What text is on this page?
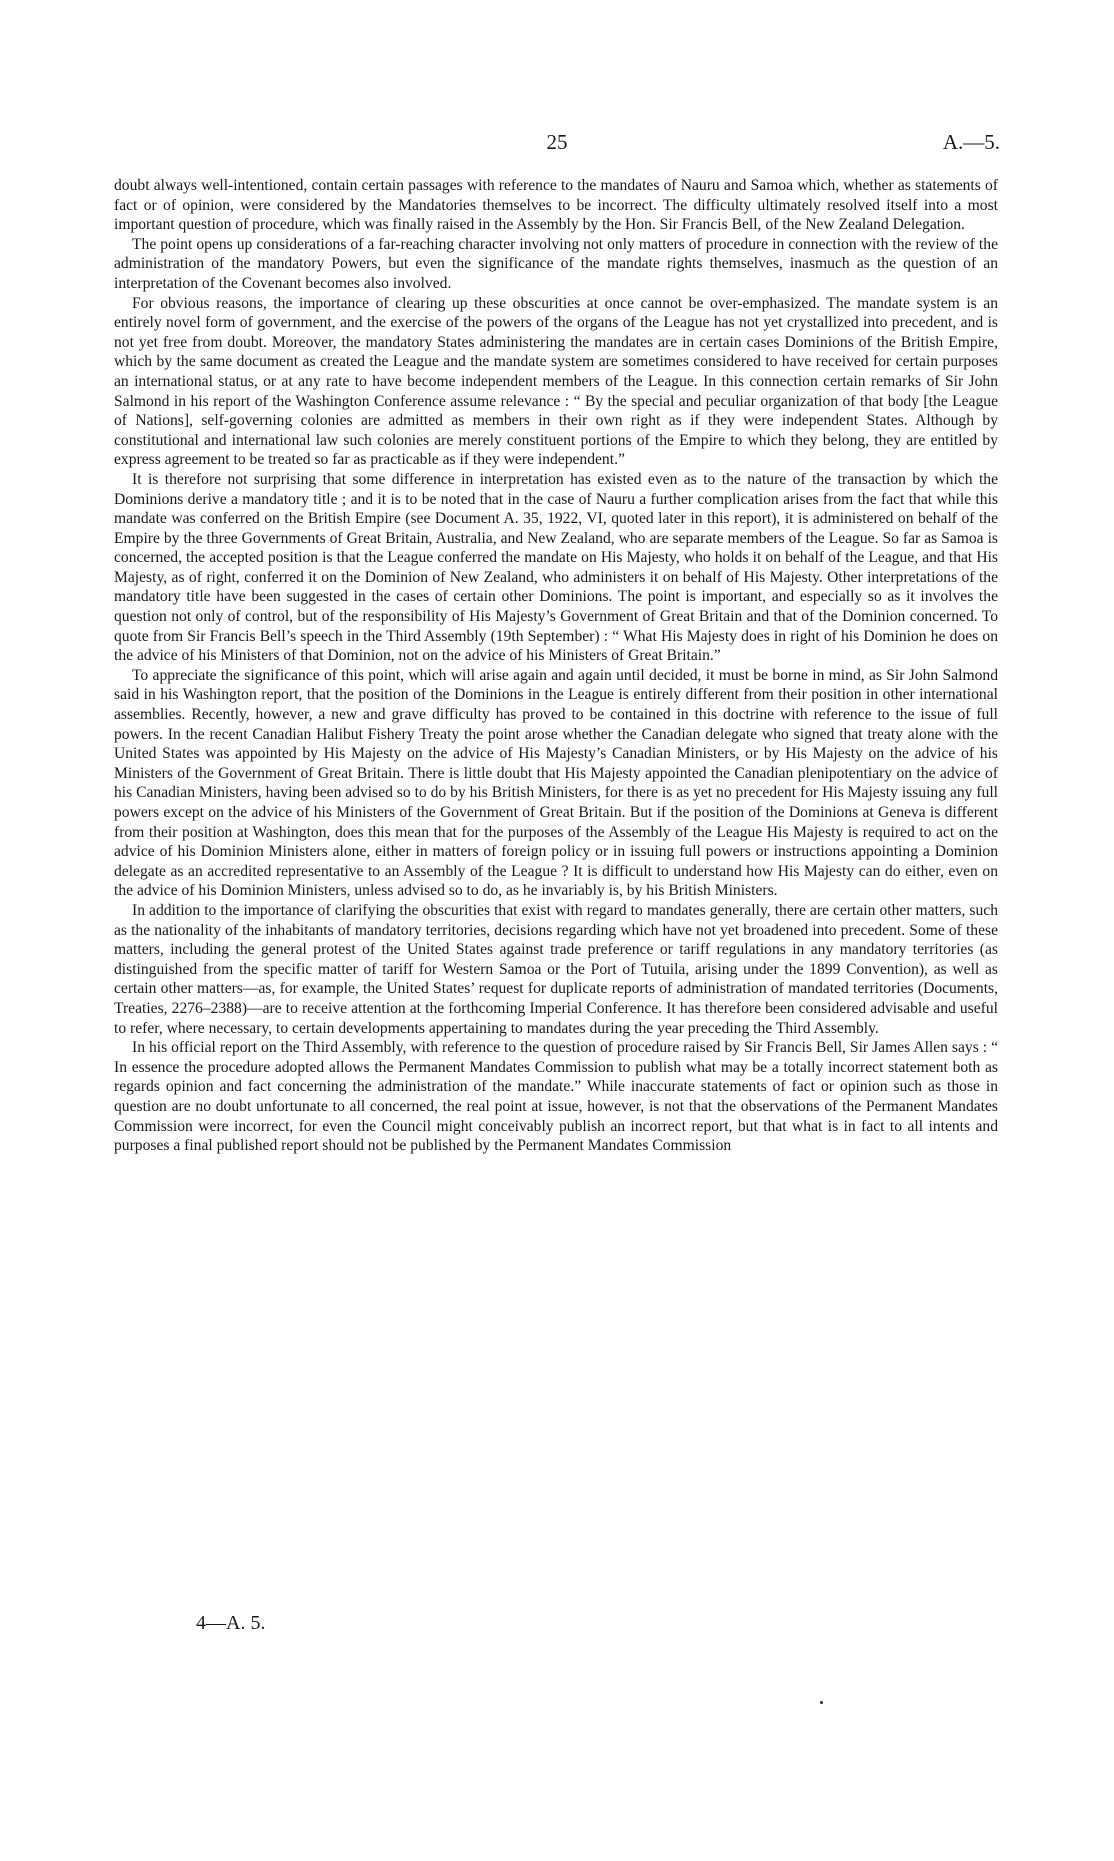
25	A.—5.

doubt always well-intentioned, contain certain passages with reference to the mandates of Nauru and Samoa which, whether as statements of fact or of opinion, were considered by the Mandatories themselves to be incorrect. The difficulty ultimately resolved itself into a most important question of procedure, which was finally raised in the Assembly by the Hon. Sir Francis Bell, of the New Zealand Delegation.

The point opens up considerations of a far-reaching character involving not only matters of procedure in connection with the review of the administration of the mandatory Powers, but even the significance of the mandate rights themselves, inasmuch as the question of an interpretation of the Covenant becomes also involved.

For obvious reasons, the importance of clearing up these obscurities at once cannot be over-emphasized. The mandate system is an entirely novel form of government, and the exercise of the powers of the organs of the League has not yet crystallized into precedent, and is not yet free from doubt. Moreover, the mandatory States administering the mandates are in certain cases Dominions of the British Empire, which by the same document as created the League and the mandate system are sometimes considered to have received for certain purposes an international status, or at any rate to have become independent members of the League. In this connection certain remarks of Sir John Salmond in his report of the Washington Conference assume relevance : “ By the special and peculiar organization of that body [the League of Nations], self-governing colonies are admitted as members in their own right as if they were independent States. Although by constitutional and international law such colonies are merely constituent portions of the Empire to which they belong, they are entitled by express agreement to be treated so far as practicable as if they were independent.”

It is therefore not surprising that some difference in interpretation has existed even as to the nature of the transaction by which the Dominions derive a mandatory title ; and it is to be noted that in the case of Nauru a further complication arises from the fact that while this mandate was conferred on the British Empire (see Document A. 35, 1922, VI, quoted later in this report), it is administered on behalf of the Empire by the three Governments of Great Britain, Australia, and New Zealand, who are separate members of the League. So far as Samoa is concerned, the accepted position is that the League conferred the mandate on His Majesty, who holds it on behalf of the League, and that His Majesty, as of right, conferred it on the Dominion of New Zealand, who administers it on behalf of His Majesty. Other interpretations of the mandatory title have been suggested in the cases of certain other Dominions. The point is important, and especially so as it involves the question not only of control, but of the responsibility of His Majesty’s Government of Great Britain and that of the Dominion concerned. To quote from Sir Francis Bell’s speech in the Third Assembly (19th September) : “ What His Majesty does in right of his Dominion he does on the advice of his Ministers of that Dominion, not on the advice of his Ministers of Great Britain.”

To appreciate the significance of this point, which will arise again and again until decided, it must be borne in mind, as Sir John Salmond said in his Washington report, that the position of the Dominions in the League is entirely different from their position in other international assemblies. Recently, however, a new and grave difficulty has proved to be contained in this doctrine with reference to the issue of full powers. In the recent Canadian Halibut Fishery Treaty the point arose whether the Canadian delegate who signed that treaty alone with the United States was appointed by His Majesty on the advice of His Majesty’s Canadian Ministers, or by His Majesty on the advice of his Ministers of the Government of Great Britain. There is little doubt that His Majesty appointed the Canadian plenipotentiary on the advice of his Canadian Ministers, having been advised so to do by his British Ministers, for there is as yet no precedent for His Majesty issuing any full powers except on the advice of his Ministers of the Government of Great Britain. But if the position of the Dominions at Geneva is different from their position at Washington, does this mean that for the purposes of the Assembly of the League His Majesty is required to act on the advice of his Dominion Ministers alone, either in matters of foreign policy or in issuing full powers or instructions appointing a Dominion delegate as an accredited representative to an Assembly of the League ? It is difficult to understand how His Majesty can do either, even on the advice of his Dominion Ministers, unless advised so to do, as he invariably is, by his British Ministers.

In addition to the importance of clarifying the obscurities that exist with regard to mandates generally, there are certain other matters, such as the nationality of the inhabitants of mandatory territories, decisions regarding which have not yet broadened into precedent. Some of these matters, including the general protest of the United States against trade preference or tariff regulations in any mandatory territories (as distinguished from the specific matter of tariff for Western Samoa or the Port of Tutuila, arising under the 1899 Convention), as well as certain other matters—as, for example, the United States’ request for duplicate reports of administration of mandated territories (Documents, Treaties, 2276–2388)—are to receive attention at the forthcoming Imperial Conference. It has therefore been considered advisable and useful to refer, where necessary, to certain developments appertaining to mandates during the year preceding the Third Assembly.

In his official report on the Third Assembly, with reference to the question of procedure raised by Sir Francis Bell, Sir James Allen says : “ In essence the procedure adopted allows the Permanent Mandates Commission to publish what may be a totally incorrect statement both as regards opinion and fact concerning the administration of the mandate.” While inaccurate statements of fact or opinion such as those in question are no doubt unfortunate to all concerned, the real point at issue, however, is not that the observations of the Permanent Mandates Commission were incorrect, for even the Council might conceivably publish an incorrect report, but that what is in fact to all intents and purposes a final published report should not be published by the Permanent Mandates Commission

4—A. 5.
